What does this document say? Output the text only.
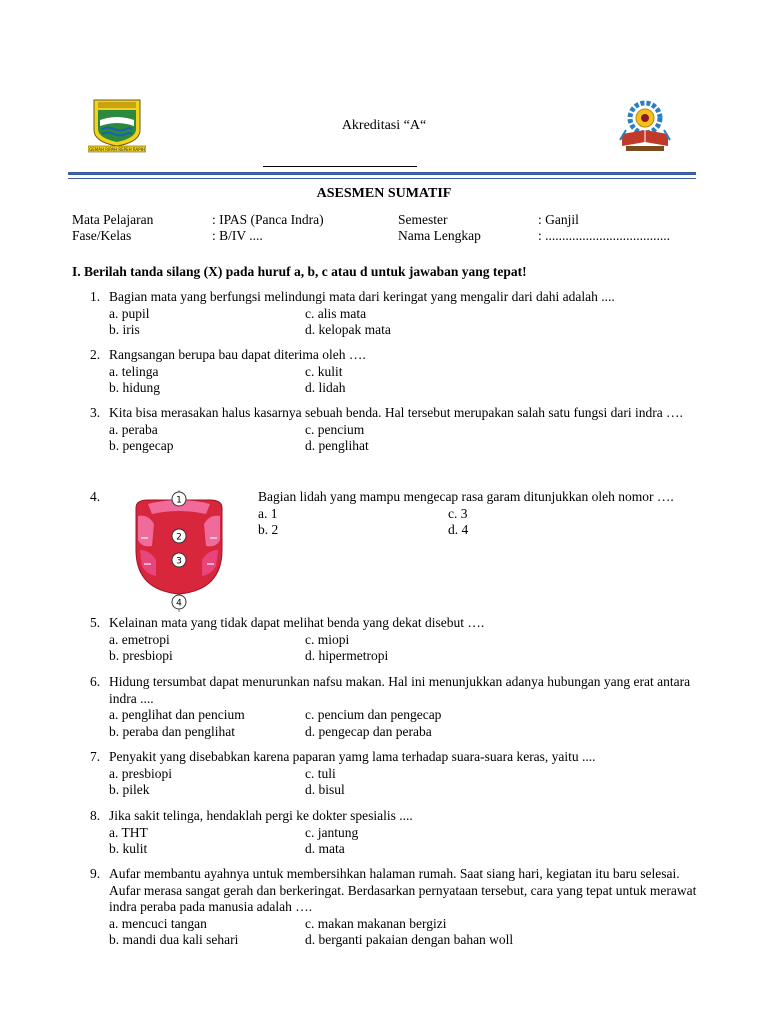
GEMAH RIPAH REPEH RAPIH
Akreditasi “A“
ASESMEN SUMATIF
Mata Pelajaran	: IPAS (Panca Indra)	Semester	: Ganjil
Fase/Kelas	: B/IV ....	Nama Lengkap	: .....................................
I. Berilah tanda silang (X) pada huruf a, b, c atau d untuk jawaban yang tepat!
1. Bagian mata yang berfungsi melindungi mata dari keringat yang mengalir dari dahi adalah ....
a. pupil	c. alis mata
b. iris	d. kelopak mata
2. Rangsangan berupa bau dapat diterima oleh ….
a. telinga	c. kulit
b. hidung	d. lidah
3. Kita bisa merasakan halus kasarnya sebuah benda. Hal tersebut merupakan salah satu fungsi dari indra ….
a. peraba	c. pencium
b. pengecap	d. penglihat
4.	1
2
3
4
Bagian lidah yang mampu mengecap rasa garam ditunjukkan oleh nomor ….
a. 1	c. 3
b. 2	d. 4
5. Kelainan mata yang tidak dapat melihat benda yang dekat disebut ….
a. emetropi	c. miopi
b. presbiopi	d. hipermetropi
6. Hidung tersumbat dapat menurunkan nafsu makan. Hal ini menunjukkan adanya hubungan yang erat antara indra ....
a. penglihat dan pencium	c. pencium dan pengecap
b. peraba dan penglihat	d. pengecap dan peraba
7. Penyakit yang disebabkan karena paparan yamg lama terhadap suara-suara keras, yaitu ....
a. presbiopi	c. tuli
b. pilek	d. bisul
8. Jika sakit telinga, hendaklah pergi ke dokter spesialis ....
a. THT	c. jantung
b. kulit	d. mata
9. Aufar membantu ayahnya untuk membersihkan halaman rumah. Saat siang hari, kegiatan itu baru selesai. Aufar merasa sangat gerah dan berkeringat. Berdasarkan pernyataan tersebut, cara yang tepat untuk merawat indra peraba pada manusia adalah ….
a. mencuci tangan	c. makan makanan bergizi
b. mandi dua kali sehari	d. berganti pakaian dengan bahan woll
